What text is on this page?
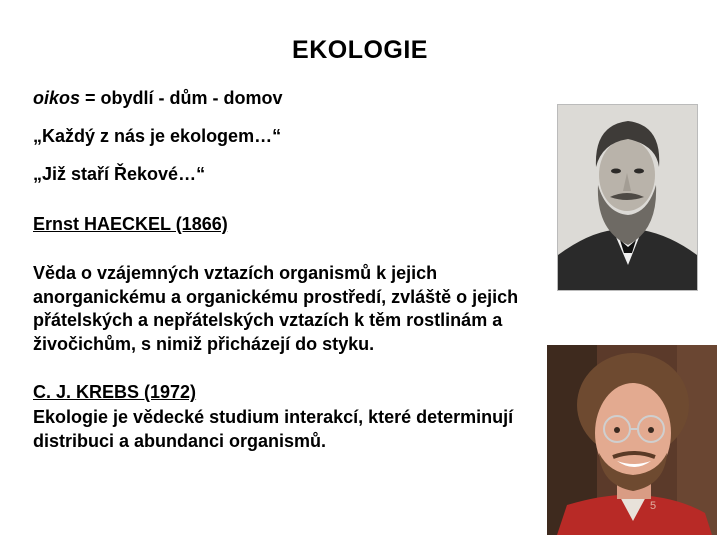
EKOLOGIE
oikos = obydlí - dům - domov
„Každý z nás je ekologem…“
„Již staří Řekové…“
Ernst HAECKEL (1866)
Věda o vzájemných vztazích organismů k jejich anorganickému a organickému prostředí, zvláště o jejich přátelských a nepřátelských vztazích k těm rostlinám a živočichům, s nimiž přicházejí do styku.
C. J. KREBS (1972)
Ekologie je vědecké studium interakcí, které determinují distribuci a abundanci organismů.
5
